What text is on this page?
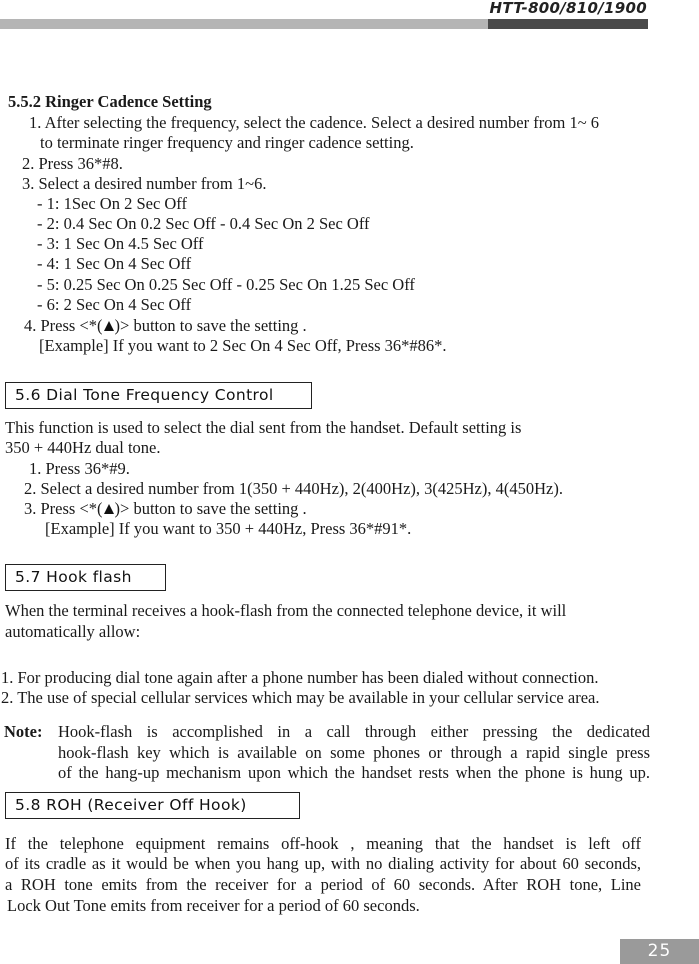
HTT-800/810/1900
5.5.2 Ringer Cadence Setting
1. After selecting the frequency, select the cadence. Select a desired number from 1~ 6
to terminate ringer frequency and ringer cadence setting.
2. Press 36*#8.
3. Select a desired number from 1~6.
- 1: 1Sec On 2 Sec Off
- 2: 0.4 Sec On 0.2 Sec Off - 0.4 Sec On 2 Sec Off
- 3: 1 Sec On 4.5 Sec Off
- 4: 1 Sec On 4 Sec Off
- 5: 0.25 Sec On 0.25 Sec Off - 0.25 Sec On 1.25 Sec Off
- 6: 2 Sec On 4 Sec Off
4. Press <*( )> button to save the setting .
[Example] If you want to 2 Sec On 4 Sec Off, Press 36*#86*.
5.6 Dial Tone Frequency Control
This function is used to select the dial sent from the handset. Default setting is
350 + 440Hz dual tone.
1. Press 36*#9.
2. Select a desired number from 1(350 + 440Hz), 2(400Hz), 3(425Hz), 4(450Hz).
3. Press <*( )> button to save the setting .
[Example] If you want to 350 + 440Hz, Press 36*#91*.
5.7 Hook flash
When the terminal receives a hook-flash from the connected telephone device, it will
automatically allow:
1. For producing dial tone again after a phone number has been dialed without connection.
2. The use of special cellular services which may be available in your cellular service area.
Note: Hook-flash is accomplished in a call through either pressing the dedicated
hook-flash key which is available on some phones or through a rapid single press
of the hang-up mechanism upon which the handset rests when the phone is hung up.
5.8 ROH (Receiver Off Hook)
If the telephone equipment remains off-hook , meaning that the handset is left off
of its cradle as it would be when you hang up, with no dialing activity for about 60 seconds,
a ROH tone emits from the receiver for a period of 60 seconds. After ROH tone, Line
Lock Out Tone emits from receiver for a period of 60 seconds.
25
